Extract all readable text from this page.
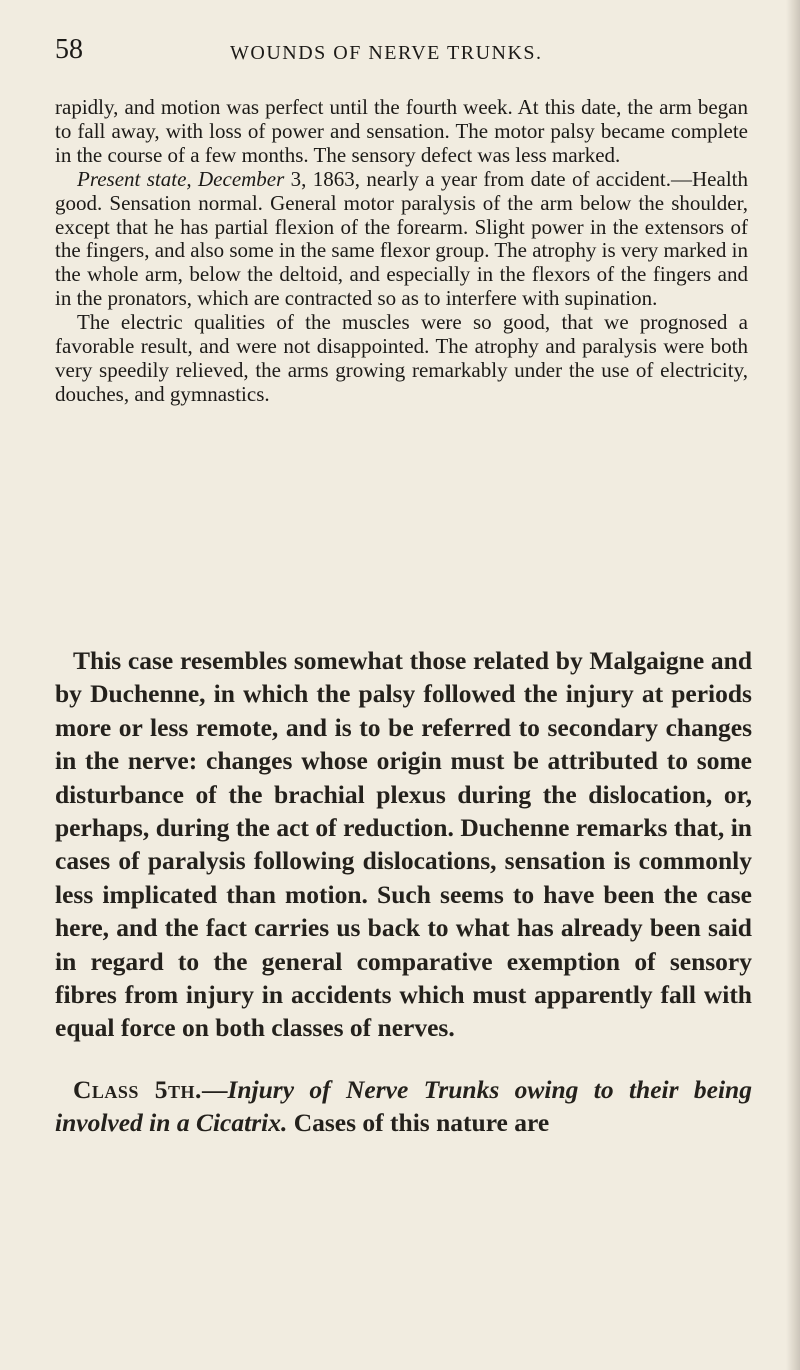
58	WOUNDS OF NERVE TRUNKS.

rapidly, and motion was perfect until the fourth week. At this date, the arm began to fall away, with loss of power and sensation. The motor palsy became complete in the course of a few months. The sensory defect was less marked.

Present state, December 3, 1863, nearly a year from date of accident.—Health good. Sensation normal. General motor paralysis of the arm below the shoulder, except that he has partial flexion of the forearm. Slight power in the extensors of the fingers, and also some in the same flexor group. The atrophy is very marked in the whole arm, below the deltoid, and especially in the flexors of the fingers and in the pronators, which are contracted so as to interfere with supination.

The electric qualities of the muscles were so good, that we prognosed a favorable result, and were not disappointed. The atrophy and paralysis were both very speedily relieved, the arms growing remarkably under the use of electricity, douches, and gymnastics.

This case resembles somewhat those related by Malgaigne and by Duchenne, in which the palsy followed the injury at periods more or less remote, and is to be referred to secondary changes in the nerve: changes whose origin must be attributed to some disturbance of the brachial plexus during the dislocation, or, perhaps, during the act of reduction. Duchenne remarks that, in cases of paralysis following dislocations, sensation is commonly less implicated than motion. Such seems to have been the case here, and the fact carries us back to what has already been said in regard to the general comparative exemption of sensory fibres from injury in accidents which must apparently fall with equal force on both classes of nerves.

Class 5th.—Injury of Nerve Trunks owing to their being involved in a Cicatrix. Cases of this nature are
